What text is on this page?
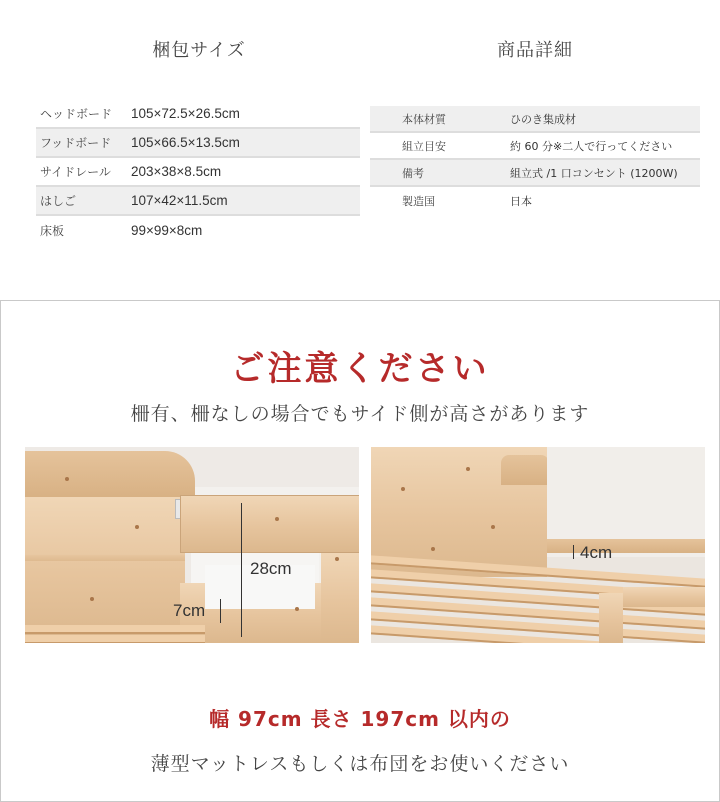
梱包サイズ	商品詳細
ヘッドボード	105×72.5×26.5cm
フッドボード	105×66.5×13.5cm
サイドレール	203×38×8.5cm
はしご	107×42×11.5cm
床板	99×99×8cm
本体材質	ひのき集成材
組立目安	約 60 分※二人で行ってください
備考	組立式 /1 口コンセント (1200W)
製造国	日本
ご注意ください
柵有、柵なしの場合でもサイド側が高さがあります
28cm
7cm
4cm
幅 97cm 長さ 197cm 以内の
薄型マットレスもしくは布団をお使いください
